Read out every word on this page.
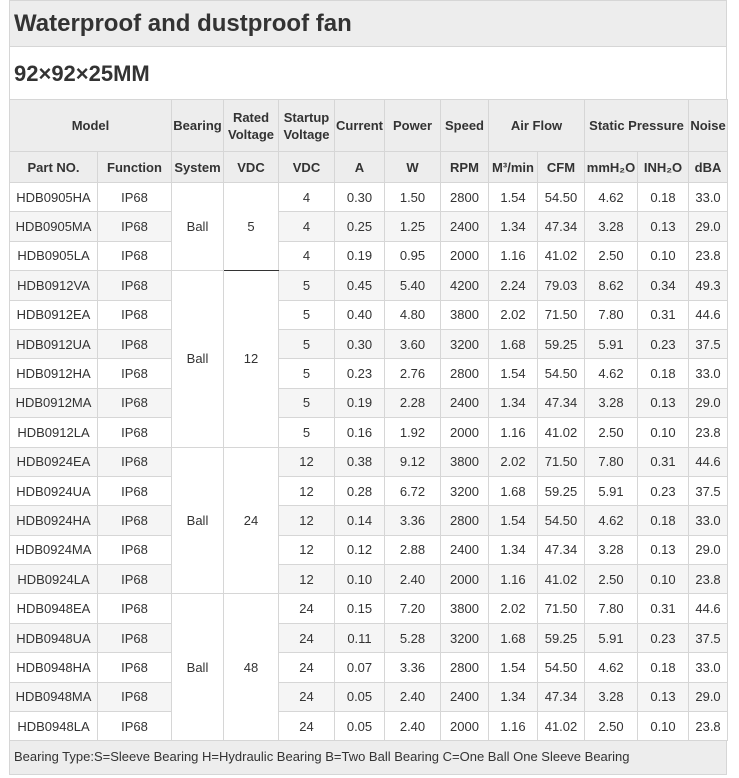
Waterproof and dustproof fan
92×92×25MM
Model		Bearing	Rated Voltage	Startup Voltage	Current	Power	Speed	Air Flow		Static Pressure		Noise
Part NO.	Function	System	VDC	VDC	A	W	RPM	M³/min	CFM	mmH₂O	INH₂O	dBA
HDB0905HA	IP68	Ball	5	4	0.30	1.50	2800	1.54	54.50	4.62	0.18	33.0
HDB0905MA	IP68			4	0.25	1.25	2400	1.34	47.34	3.28	0.13	29.0
HDB0905LA	IP68			4	0.19	0.95	2000	1.16	41.02	2.50	0.10	23.8
HDB0912VA	IP68	Ball	12	5	0.45	5.40	4200	2.24	79.03	8.62	0.34	49.3
HDB0912EA	IP68			5	0.40	4.80	3800	2.02	71.50	7.80	0.31	44.6
HDB0912UA	IP68			5	0.30	3.60	3200	1.68	59.25	5.91	0.23	37.5
HDB0912HA	IP68			5	0.23	2.76	2800	1.54	54.50	4.62	0.18	33.0
HDB0912MA	IP68			5	0.19	2.28	2400	1.34	47.34	3.28	0.13	29.0
HDB0912LA	IP68			5	0.16	1.92	2000	1.16	41.02	2.50	0.10	23.8
HDB0924EA	IP68	Ball	24	12	0.38	9.12	3800	2.02	71.50	7.80	0.31	44.6
HDB0924UA	IP68			12	0.28	6.72	3200	1.68	59.25	5.91	0.23	37.5
HDB0924HA	IP68			12	0.14	3.36	2800	1.54	54.50	4.62	0.18	33.0
HDB0924MA	IP68			12	0.12	2.88	2400	1.34	47.34	3.28	0.13	29.0
HDB0924LA	IP68			12	0.10	2.40	2000	1.16	41.02	2.50	0.10	23.8
HDB0948EA	IP68	Ball	48	24	0.15	7.20	3800	2.02	71.50	7.80	0.31	44.6
HDB0948UA	IP68			24	0.11	5.28	3200	1.68	59.25	5.91	0.23	37.5
HDB0948HA	IP68			24	0.07	3.36	2800	1.54	54.50	4.62	0.18	33.0
HDB0948MA	IP68			24	0.05	2.40	2400	1.34	47.34	3.28	0.13	29.0
HDB0948LA	IP68			24	0.05	2.40	2000	1.16	41.02	2.50	0.10	23.8
Bearing Type:S=Sleeve Bearing H=Hydraulic Bearing B=Two Ball Bearing C=One Ball One Sleeve Bearing
